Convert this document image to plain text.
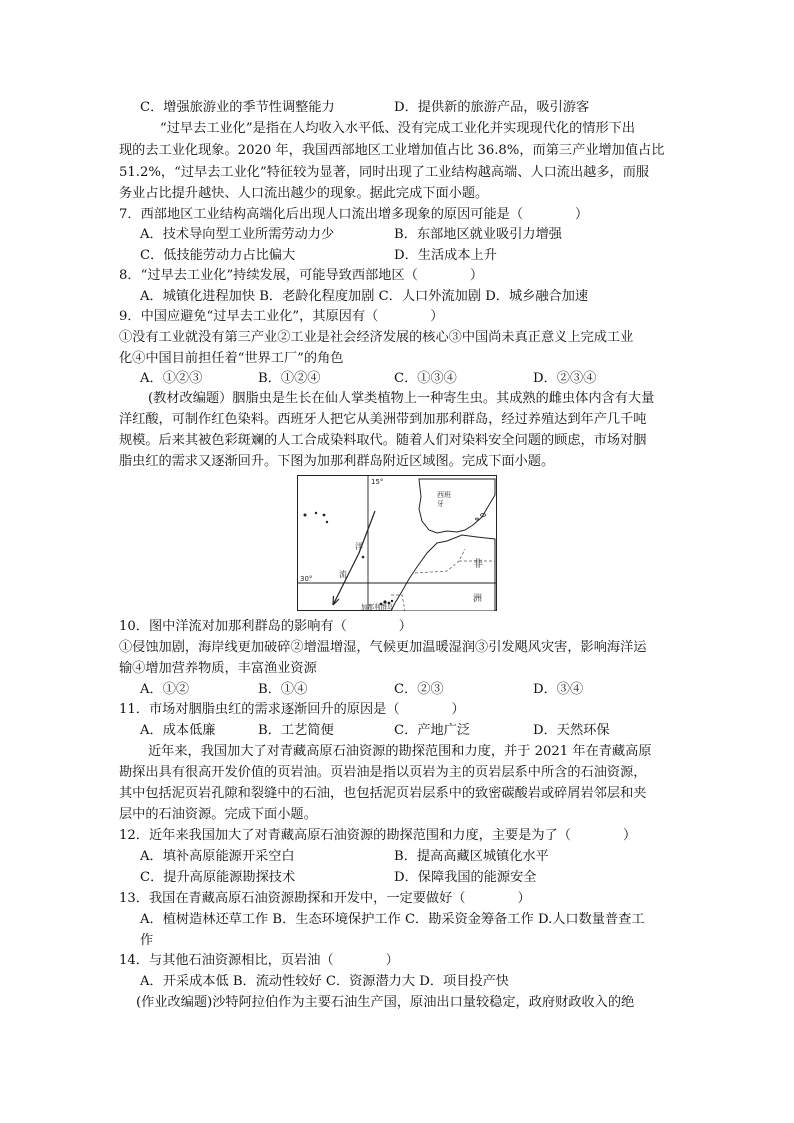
C．增强旅游业的季节性调整能力	D．提供新的旅游产品，吸引游客
“过早去工业化”是指在人均收入水平低、没有完成工业化并实现现代化的情形下出
现的去工业化现象。2020 年，我国西部地区工业增加值占比 36.8%，而第三产业增加值占比
51.2%，“过早去工业化”特征较为显著，同时出现了工业结构越高端、人口流出越多，而服
务业占比提升越快、人口流出越少的现象。据此完成下面小题。
7．西部地区工业结构高端化后出现人口流出增多现象的原因可能是（	）
A．技术导向型工业所需劳动力少	B．东部地区就业吸引力增强
C．低技能劳动力占比偏大	D．生活成本上升
8．“过早去工业化”持续发展，可能导致西部地区（	）
A．城镇化进程加快 B．老龄化程度加剧 C．人口外流加剧 D．城乡融合加速
9．中国应避免“过早去工业化”，其原因有（	）
①没有工业就没有第三产业②工业是社会经济发展的核心③中国尚未真正意义上完成工业
化④中国目前担任着“世界工厂”的角色
A．①②③	B．①②④	C．①③④	D．②③④
(教材改编题）胭脂虫是生长在仙人掌类植物上一种寄生虫。其成熟的雌虫体内含有大量
洋红酸，可制作红色染料。西班牙人把它从美洲带到加那利群岛，经过养殖达到年产几千吨
规模。后来其被色彩斑斓的人工合成染料取代。随着人们对染料安全问题的顾虑，市场对胭
脂虫红的需求又逐渐回升。下图为加那利群岛附近区域图。完成下面小题。
15°
30°
西 班
牙
非
洲
洋
流
加那利群岛
10．图中洋流对加那利群岛的影响有（	）
①侵蚀加剧，海岸线更加破碎②增温增湿，气候更加温暖湿润③引发飓风灾害，影响海洋运
输④增加营养物质，丰富渔业资源
A．①②	B．①④	C．②③	D．③④
11．市场对胭脂虫红的需求逐渐回升的原因是（	）
A．成本低廉	B．工艺简便	C．产地广泛	D．天然环保
近年来，我国加大了对青藏高原石油资源的勘探范围和力度，并于 2021 年在青藏高原
勘探出具有很高开发价值的页岩油。页岩油是指以页岩为主的页岩层系中所含的石油资源，
其中包括泥页岩孔隙和裂缝中的石油，也包括泥页岩层系中的致密碳酸岩或碎屑岩邻层和夹
层中的石油资源。完成下面小题。
12．近年来我国加大了对青藏高原石油资源的勘探范围和力度，主要是为了（	）
A．填补高原能源开采空白	B．提高高藏区城镇化水平
C．提升高原能源勘探技术	D．保障我国的能源安全
13．我国在青藏高原石油资源勘探和开发中，一定要做好（	）
A．植树造林还草工作 B．生态环境保护工作 C．勘采资金筹备工作 D.人口数量普查工
作
14．与其他石油资源相比，页岩油（	）
A．开采成本低 B．流动性较好 C．资源潜力大 D．项目投产快
(作业改编题)沙特阿拉伯作为主要石油生产国，原油出口量较稳定，政府财政收入的绝
